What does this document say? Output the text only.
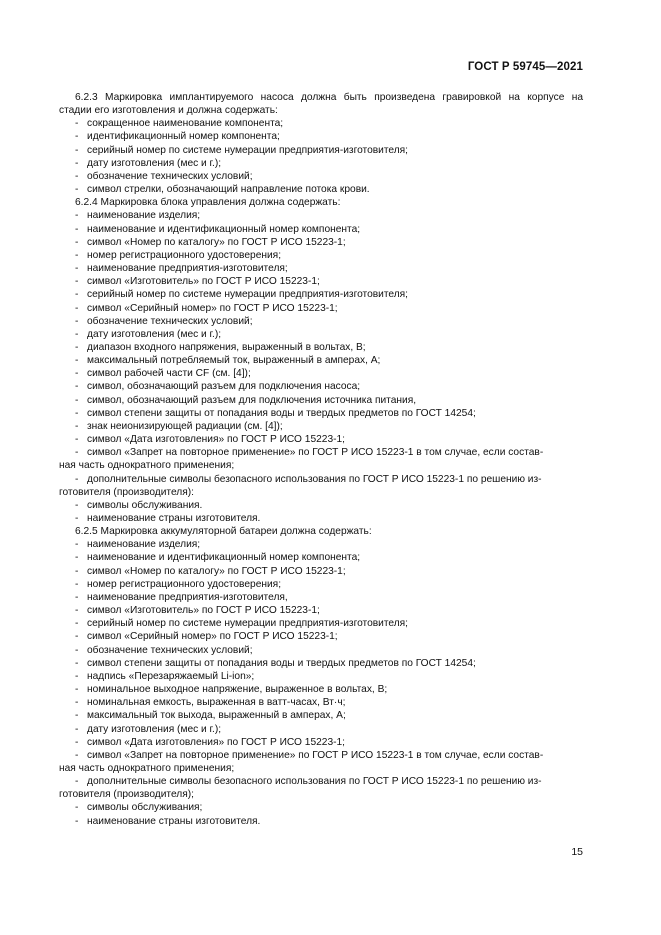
ГОСТ Р 59745—2021
6.2.3 Маркировка имплантируемого насоса должна быть произведена гравировкой на корпусе на
стадии его изготовления и должна содержать:
- сокращенное наименование компонента;
- идентификационный номер компонента;
- серийный номер по системе нумерации предприятия-изготовителя;
- дату изготовления (мес и г.);
- обозначение технических условий;
- символ стрелки, обозначающий направление потока крови.
6.2.4 Маркировка блока управления должна содержать:
- наименование изделия;
- наименование и идентификационный номер компонента;
- символ «Номер по каталогу» по ГОСТ Р ИСО 15223-1;
- номер регистрационного удостоверения;
- наименование предприятия-изготовителя;
- символ «Изготовитель» по ГОСТ Р ИСО 15223-1;
- серийный номер по системе нумерации предприятия-изготовителя;
- символ «Серийный номер» по ГОСТ Р ИСО 15223-1;
- обозначение технических условий;
- дату изготовления (мес и г.);
- диапазон входного напряжения, выраженный в вольтах, В;
- максимальный потребляемый ток, выраженный в амперах, А;
- символ рабочей части CF (см. [4]);
- символ, обозначающий разъем для подключения насоса;
- символ, обозначающий разъем для подключения источника питания,
- символ степени защиты от попадания воды и твердых предметов по ГОСТ 14254;
- знак неионизирующей радиации (см. [4]);
- символ «Дата изготовления» по ГОСТ Р ИСО 15223-1;
- символ «Запрет на повторное применение» по ГОСТ Р ИСО 15223-1 в том случае, если состав-
ная часть однократного применения;
- дополнительные символы безопасного использования по ГОСТ Р ИСО 15223-1 по решению из-
готовителя (производителя):
- символы обслуживания.
- наименование страны изготовителя.
6.2.5 Маркировка аккумуляторной батареи должна содержать:
- наименование изделия;
- наименование и идентификационный номер компонента;
- символ «Номер по каталогу» по ГОСТ Р ИСО 15223-1;
- номер регистрационного удостоверения;
- наименование предприятия-изготовителя,
- символ «Изготовитель» по ГОСТ Р ИСО 15223-1;
- серийный номер по системе нумерации предприятия-изготовителя;
- символ «Серийный номер» по ГОСТ Р ИСО 15223-1;
- обозначение технических условий;
- символ степени защиты от попадания воды и твердых предметов по ГОСТ 14254;
- надпись «Перезаряжаемый Li-ion»;
- номинальное выходное напряжение, выраженное в вольтах, В;
- номинальная емкость, выраженная в ватт-часах, Вт·ч;
- максимальный ток выхода, выраженный в амперах, А;
- дату изготовления (мес и г.);
- символ «Дата изготовления» по ГОСТ Р ИСО 15223-1;
- символ «Запрет на повторное применение» по ГОСТ Р ИСО 15223-1 в том случае, если состав-
ная часть однократного применения;
- дополнительные символы безопасного использования по ГОСТ Р ИСО 15223-1 по решению из-
готовителя (производителя);
- символы обслуживания;
- наименование страны изготовителя.
15
